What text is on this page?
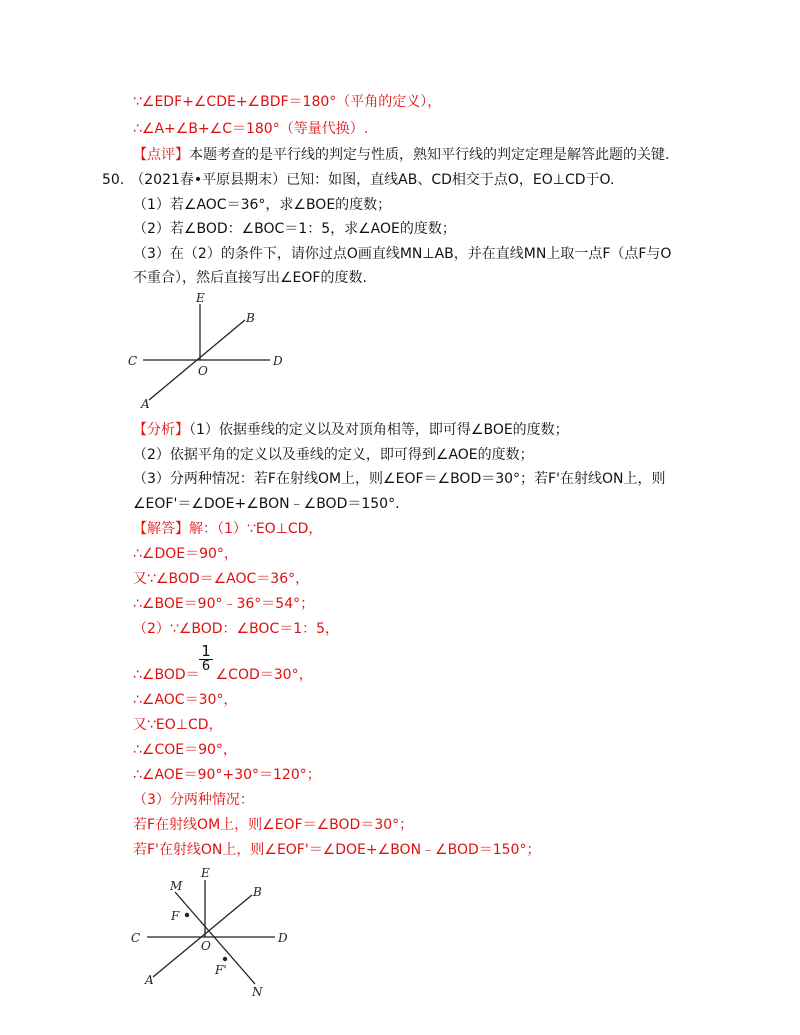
∵∠EDF+∠CDE+∠BDF＝180°（平角的定义），
∴∠A+∠B+∠C＝180°（等量代换）.
【点评】本题考查的是平行线的判定与性质，熟知平行线的判定定理是解答此题的关键.
50. （2021春•平原县期末）已知：如图，直线AB、CD相交于点O，EO⊥CD于O.
（1）若∠AOC＝36°，求∠BOE的度数；
（2）若∠BOD：∠BOC＝1：5，求∠AOE的度数；
（3）在（2）的条件下，请你过点O画直线MN⊥AB，并在直线MN上取一点F（点F与O
不重合），然后直接写出∠EOF的度数.
E
B
C
O
D
A
【分析】（1）依据垂线的定义以及对顶角相等，即可得∠BOE的度数；
（2）依据平角的定义以及垂线的定义，即可得到∠AOE的度数；
（3）分两种情况：若F在射线OM上，则∠EOF＝∠BOD＝30°；若F'在射线ON上，则
∠EOF'＝∠DOE+∠BON﹣∠BOD＝150°.
【解答】解：（1）∵EO⊥CD，
∴∠DOE＝90°，
又∵∠BOD＝∠AOC＝36°，
∴∠BOE＝90°﹣36°＝54°；
（2）∵∠BOD：∠BOC＝1：5，
1
6
∴∠BOD＝ ∠COD＝30°，
∴∠AOC＝30°，
又∵EO⊥CD，
∴∠COE＝90°，
∴∠AOE＝90°+30°＝120°；
（3）分两种情况：
若F在射线OM上，则∠EOF＝∠BOD＝30°；
若F'在射线ON上，则∠EOF'＝∠DOE+∠BON﹣∠BOD＝150°；
M
E
B
F
C
O
D
A
F'
N
